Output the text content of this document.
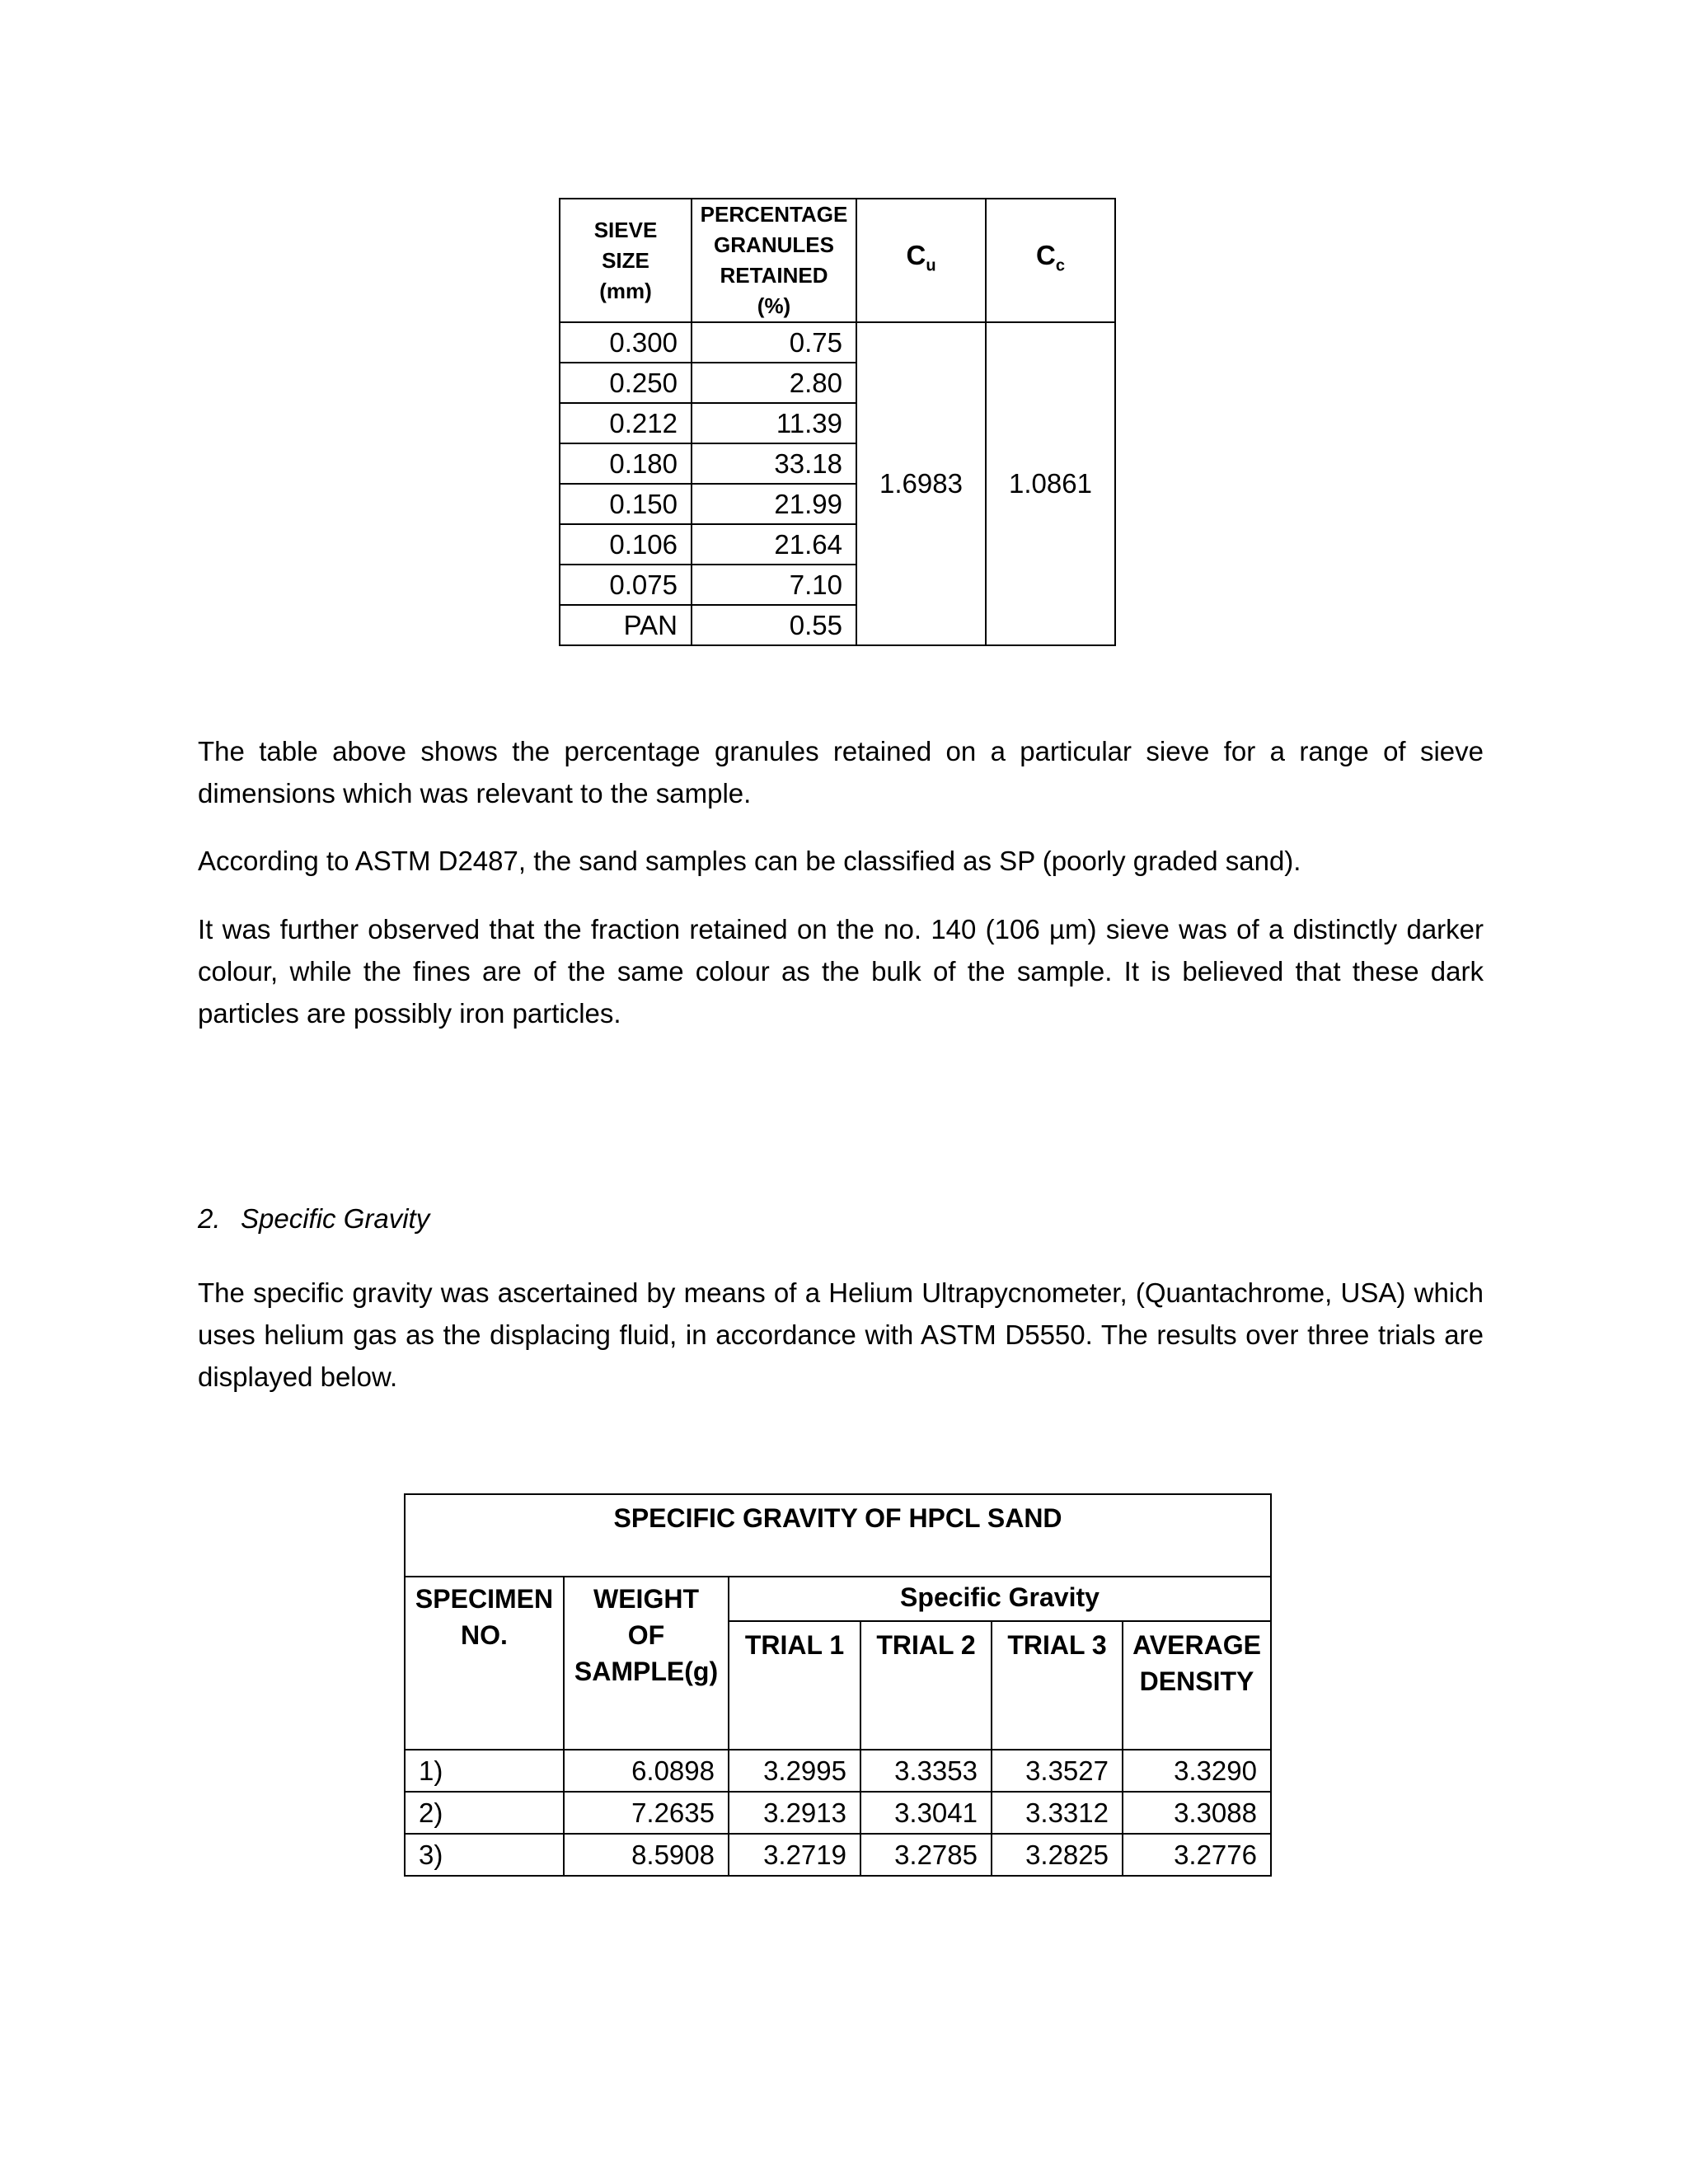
SIEVE
SIZE
(mm)	PERCENTAGE
GRANULES
RETAINED
(%)	$C_u$	$C_c$
0.300	0.75	1.6983	1.0861
0.250	2.80		
0.212	11.39		
0.180	33.18		
0.150	21.99		
0.106	21.64		
0.075	7.10		
PAN	0.55		

The table above shows the percentage granules retained on a particular sieve for a range of sieve dimensions which was relevant to the sample.

According to ASTM D2487, the sand samples can be classified as SP (poorly graded sand).

It was further observed that the fraction retained on the no. 140 (106 µm) sieve was of a distinctly darker colour, while the fines are of the same colour as the bulk of the sample. It is believed that these dark particles are possibly iron particles.

2. Specific Gravity

The specific gravity was ascertained by means of a Helium Ultrapycnometer, (Quantachrome, USA) which uses helium gas as the displacing fluid, in accordance with ASTM D5550. The results over three trials are displayed below.

SPECIFIC GRAVITY OF HPCL SAND					
SPECIMEN
NO.	WEIGHT
OF
SAMPLE(g)	Specific Gravity			
		TRIAL 1	TRIAL 2	TRIAL 3	AVERAGE
DENSITY
1)	6.0898	3.2995	3.3353	3.3527	3.3290
2)	7.2635	3.2913	3.3041	3.3312	3.3088
3)	8.5908	3.2719	3.2785	3.2825	3.2776
